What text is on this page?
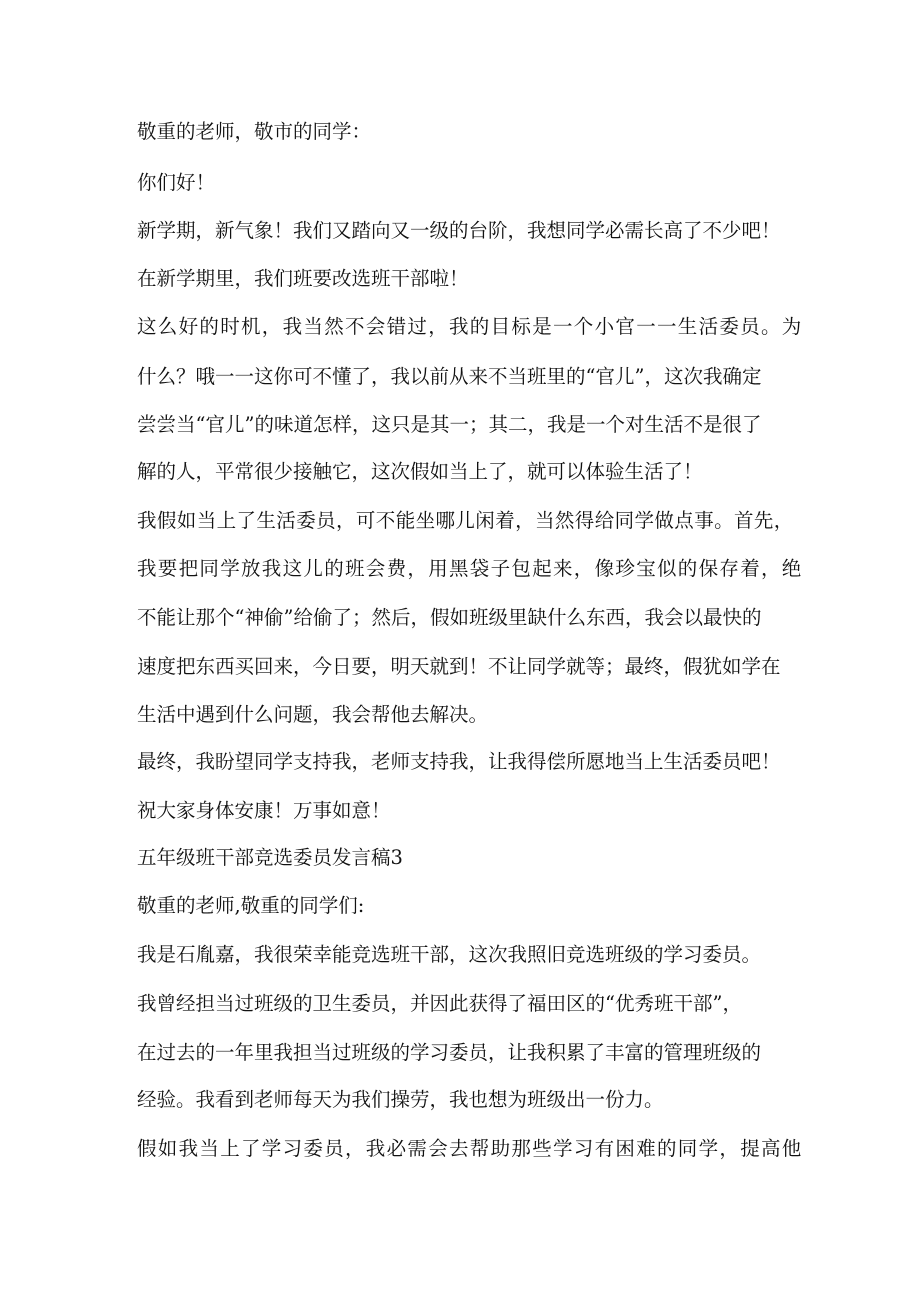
敬重的老师，敬市的同学：
你们好！
新学期，新气象！我们又踏向又一级的台阶，我想同学必需长高了不少吧！
在新学期里，我们班要改选班干部啦！
这么好的时机，我当然不会错过，我的目标是一个小官一一生活委员。为
什么？哦一一这你可不懂了，我以前从来不当班里的“官儿”，这次我确定
尝尝当“官儿”的味道怎样，这只是其一；其二，我是一个对生活不是很了
解的人，平常很少接触它，这次假如当上了，就可以体验生活了！
我假如当上了生活委员，可不能坐哪儿闲着，当然得给同学做点事。首先，
我要把同学放我这儿的班会费，用黑袋子包起来，像珍宝似的保存着，绝
不能让那个“神偷”给偷了；然后，假如班级里缺什么东西，我会以最快的
速度把东西买回来，今日要，明天就到！不让同学就等；最终，假犹如学在
生活中遇到什么问题，我会帮他去解决。
最终，我盼望同学支持我，老师支持我，让我得偿所愿地当上生活委员吧！
祝大家身体安康！万事如意！
五年级班干部竞选委员发言稿3
敬重的老师,敬重的同学们:
我是石胤嘉，我很荣幸能竞选班干部，这次我照旧竞选班级的学习委员。
我曾经担当过班级的卫生委员，并因此获得了福田区的“优秀班干部”，
在过去的一年里我担当过班级的学习委员，让我积累了丰富的管理班级的
经验。我看到老师每天为我们操劳，我也想为班级出一份力。
假如我当上了学习委员，我必需会去帮助那些学习有困难的同学，提高他
